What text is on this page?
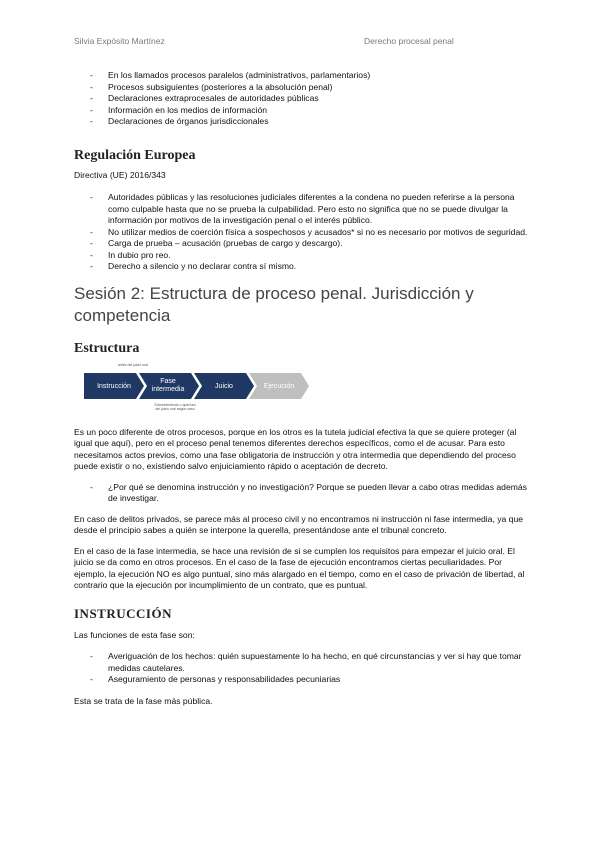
Silvia Expósito Martínez	Derecho procesal penal
- En los llamados procesos paralelos (administrativos, parlamentarios)
- Procesos subsiguientes (posteriores a la absolución penal)
- Declaraciones extraprocesales de autoridades públicas
- Información en los medios de información
- Declaraciones de órganos jurisdiccionales
Regulación Europea

Directiva (UE) 2016/343

- Autoridades públicas y las resoluciones judiciales diferentes a la condena no pueden referirse a la persona como culpable hasta que no se prueba la culpabilidad. Pero esto no significa que no se puede divulgar la información por motivos de la investigación penal o el interés público.
- No utilizar medios de coerción física a sospechosos y acusados* si no es necesario por motivos de seguridad.
- Carga de prueba – acusación (pruebas de cargo y descargo).
- In dubio pro reo.
- Derecho a silencio y no declarar contra sí mismo.
Sesión 2: Estructura de proceso penal. Jurisdicción y competencia
Estructura
antes del juicio oral
Instrucción
Fase intermedia	Juicio	Ejecución
Sobreseimiento o apertura del juicio oral según caso

Es un poco diferente de otros procesos, porque en los otros es la tutela judicial efectiva la que se quiere proteger (al igual que aquí), pero en el proceso penal tenemos diferentes derechos específicos, como el de acusar. Para esto necesitamos actos previos, como una fase obligatoria de instrucción y otra intermedia que dependiendo del proceso puede existir o no, existiendo salvo enjuiciamiento rápido o aceptación de decreto.

- ¿Por qué se denomina instrucción y no investigación? Porque se pueden llevar a cabo otras medidas además de investigar.

En caso de delitos privados, se parece más al proceso civil y no encontramos ni instrucción ni fase intermedia, ya que desde el principio sabes a quién se interpone la querella, presentándose ante el tribunal concreto.

En el caso de la fase intermedia, se hace una revisión de si se cumplen los requisitos para empezar el juicio oral. El juicio se da como en otros procesos. En el caso de la fase de ejecución encontramos ciertas peculiaridades. Por ejemplo, la ejecución NO es algo puntual, sino más alargado en el tiempo, como en el caso de privación de libertad, al contrario que la ejecución por incumplimiento de un contrato, que es puntual.

INSTRUCCIÓN

Las funciones de esta fase son:

- Averiguación de los hechos: quién supuestamente lo ha hecho, en qué circunstancias y ver si hay que tomar medidas cautelares.
- Aseguramiento de personas y responsabilidades pecuniarias

Esta se trata de la fase más pública.
